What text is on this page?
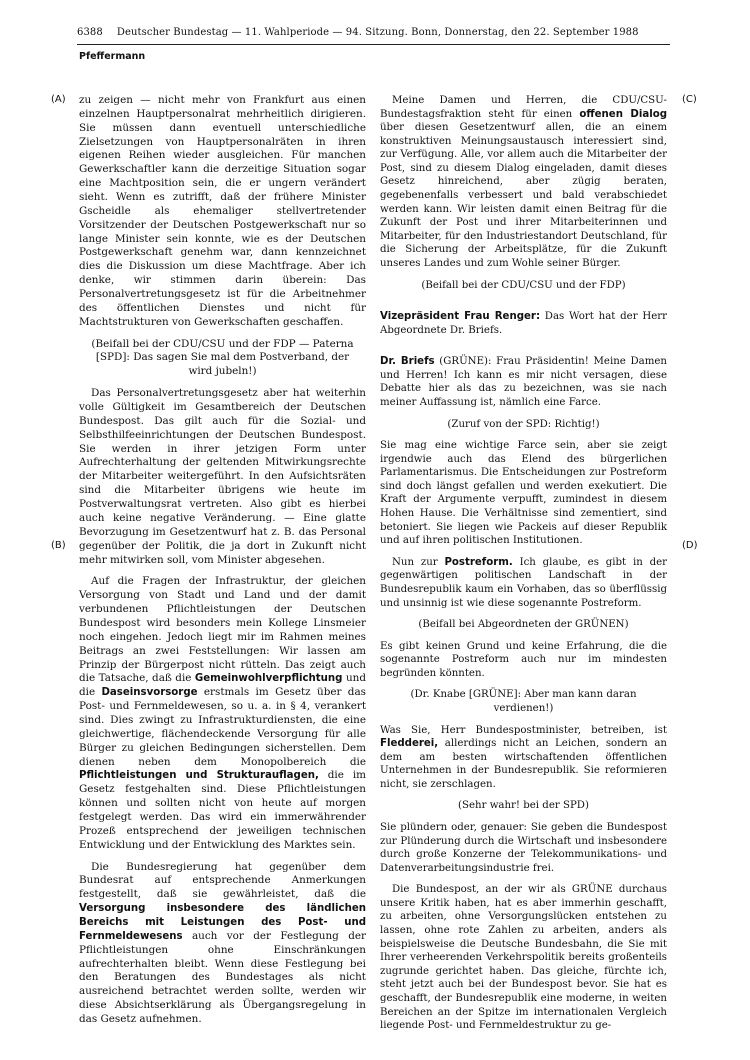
6388 Deutscher Bundestag — 11. Wahlperiode — 94. Sitzung. Bonn, Donnerstag, den 22. September 1988
Pfeffermann
(A)
(B)
(C)
(D)

zu zeigen — nicht mehr von Frankfurt aus einen einzelnen Hauptpersonalrat mehrheitlich dirigieren. Sie müssen dann eventuell unterschiedliche Zielsetzungen von Hauptpersonalräten in ihren eigenen Reihen wieder ausgleichen. Für manchen Gewerkschaftler kann die derzeitige Situation sogar eine Machtposition sein, die er ungern verändert sieht. Wenn es zutrifft, daß der frühere Minister Gscheidle als ehemaliger stellvertretender Vorsitzender der Deutschen Postgewerkschaft nur so lange Minister sein konnte, wie es der Deutschen Postgewerkschaft genehm war, dann kennzeichnet dies die Diskussion um diese Machtfrage. Aber ich denke, wir stimmen darin überein: Das Personalvertretungsgesetz ist für die Arbeitnehmer des öffentlichen Dienstes und nicht für Machtstrukturen von Gewerkschaften geschaffen.

(Beifall bei der CDU/CSU und der FDP — Paterna [SPD]: Das sagen Sie mal dem Postverband, der wird jubeln!)

Das Personalvertretungsgesetz aber hat weiterhin volle Gültigkeit im Gesamtbereich der Deutschen Bundespost. Das gilt auch für die Sozial- und Selbsthilfeeinrichtungen der Deutschen Bundespost. Sie werden in ihrer jetzigen Form unter Aufrechterhaltung der geltenden Mitwirkungsrechte der Mitarbeiter weitergeführt. In den Aufsichtsräten sind die Mitarbeiter übrigens wie heute im Postverwaltungsrat vertreten. Also gibt es hierbei auch keine negative Veränderung. — Eine glatte Bevorzugung im Gesetzentwurf hat z. B. das Personal gegenüber der Politik, die ja dort in Zukunft nicht mehr mitwirken soll, vom Minister abgesehen.

Auf die Fragen der Infrastruktur, der gleichen Versorgung von Stadt und Land und der damit verbundenen Pflichtleistungen der Deutschen Bundespost wird besonders mein Kollege Linsmeier noch eingehen. Jedoch liegt mir im Rahmen meines Beitrags an zwei Feststellungen: Wir lassen am Prinzip der Bürgerpost nicht rütteln. Das zeigt auch die Tatsache, daß die Gemeinwohlverpflichtung und die Daseinsvorsorge erstmals im Gesetz über das Post- und Fernmeldewesen, so u. a. in § 4, verankert sind. Dies zwingt zu Infrastrukturdiensten, die eine gleichwertige, flächendeckende Versorgung für alle Bürger zu gleichen Bedingungen sicherstellen. Dem dienen neben dem Monopolbereich die Pflichtleistungen und Strukturauflagen, die im Gesetz festgehalten sind. Diese Pflichtleistungen können und sollten nicht von heute auf morgen festgelegt werden. Das wird ein immerwährender Prozeß entsprechend der jeweiligen technischen Entwicklung und der Entwicklung des Marktes sein.

Die Bundesregierung hat gegenüber dem Bundesrat auf entsprechende Anmerkungen festgestellt, daß sie gewährleistet, daß die Versorgung insbesondere des ländlichen Bereichs mit Leistungen des Post- und Fernmeldewesens auch vor der Festlegung der Pflichtleistungen ohne Einschränkungen aufrechterhalten bleibt. Wenn diese Festlegung bei den Beratungen des Bundestages als nicht ausreichend betrachtet werden sollte, werden wir diese Absichtserklärung als Übergangsregelung in das Gesetz aufnehmen.

Meine Damen und Herren, die CDU/CSU-Bundestagsfraktion steht für einen offenen Dialog über diesen Gesetzentwurf allen, die an einem konstruktiven Meinungsaustausch interessiert sind, zur Verfügung. Alle, vor allem auch die Mitarbeiter der Post, sind zu diesem Dialog eingeladen, damit dieses Gesetz hinreichend, aber zügig beraten, gegebenenfalls verbessert und bald verabschiedet werden kann. Wir leisten damit einen Beitrag für die Zukunft der Post und ihrer Mitarbeiterinnen und Mitarbeiter, für den Industriestandort Deutschland, für die Sicherung der Arbeitsplätze, für die Zukunft unseres Landes und zum Wohle seiner Bürger.

(Beifall bei der CDU/CSU und der FDP)

Vizepräsident Frau Renger: Das Wort hat der Herr Abgeordnete Dr. Briefs.

Dr. Briefs (GRÜNE): Frau Präsidentin! Meine Damen und Herren! Ich kann es mir nicht versagen, diese Debatte hier als das zu bezeichnen, was sie nach meiner Auffassung ist, nämlich eine Farce.

(Zuruf von der SPD: Richtig!)

Sie mag eine wichtige Farce sein, aber sie zeigt irgendwie auch das Elend des bürgerlichen Parlamentarismus. Die Entscheidungen zur Postreform sind doch längst gefallen und werden exekutiert. Die Kraft der Argumente verpufft, zumindest in diesem Hohen Hause. Die Verhältnisse sind zementiert, sind betoniert. Sie liegen wie Packeis auf dieser Republik und auf ihren politischen Institutionen.

Nun zur Postreform. Ich glaube, es gibt in der gegenwärtigen politischen Landschaft in der Bundesrepublik kaum ein Vorhaben, das so überflüssig und unsinnig ist wie diese sogenannte Postreform.

(Beifall bei Abgeordneten der GRÜNEN)

Es gibt keinen Grund und keine Erfahrung, die die sogenannte Postreform auch nur im mindesten begründen könnten.

(Dr. Knabe [GRÜNE]: Aber man kann daran verdienen!)

Was Sie, Herr Bundespostminister, betreiben, ist Fledderei, allerdings nicht an Leichen, sondern an dem am besten wirtschaftenden öffentlichen Unternehmen in der Bundesrepublik. Sie reformieren nicht, sie zerschlagen.

(Sehr wahr! bei der SPD)

Sie plündern oder, genauer: Sie geben die Bundespost zur Plünderung durch die Wirtschaft und insbesondere durch große Konzerne der Telekommunikations- und Datenverarbeitungsindustrie frei.

Die Bundespost, an der wir als GRÜNE durchaus unsere Kritik haben, hat es aber immerhin geschafft, zu arbeiten, ohne Versorgungslücken entstehen zu lassen, ohne rote Zahlen zu arbeiten, anders als beispielsweise die Deutsche Bundesbahn, die Sie mit Ihrer verheerenden Verkehrspolitik bereits großenteils zugrunde gerichtet haben. Das gleiche, fürchte ich, steht jetzt auch bei der Bundespost bevor. Sie hat es geschafft, der Bundesrepublik eine moderne, in weiten Bereichen an der Spitze im internationalen Vergleich liegende Post- und Fernmeldestruktur zu ge-
